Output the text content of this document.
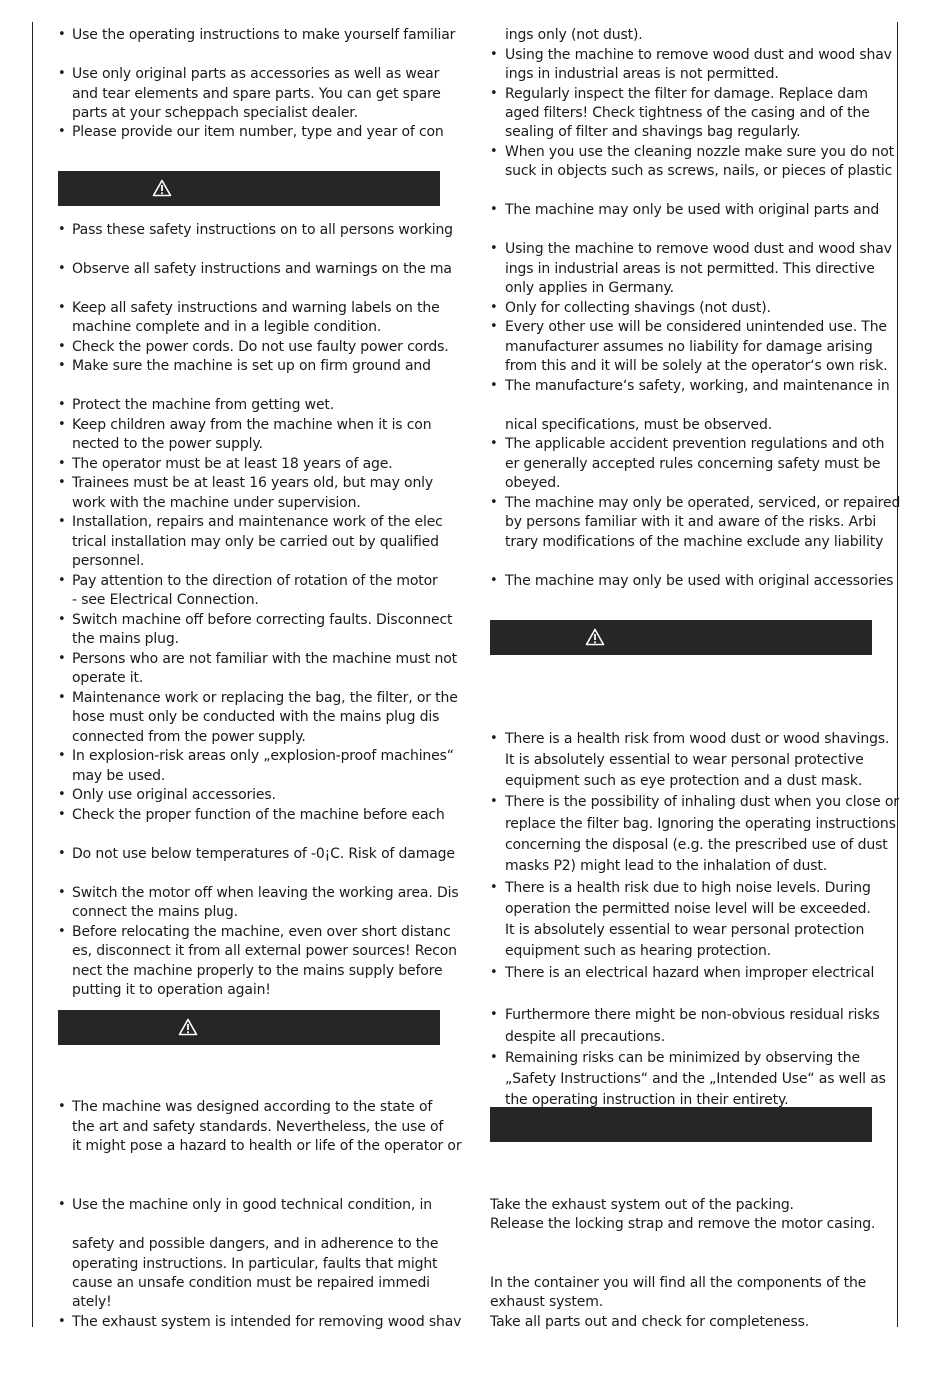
• Use the operating instructions to make yourself familiar
• Use only original parts as accessories as well as wear
and tear elements and spare parts. You can get spare
parts at your scheppach specialist dealer.
• Please provide our item number, type and year of con
• Pass these safety instructions on to all persons working
• Observe all safety instructions and warnings on the ma
• Keep all safety instructions and warning labels on the
machine complete and in a legible condition.
• Check the power cords. Do not use faulty power cords.
• Make sure the machine is set up on firm ground and
• Protect the machine from getting wet.
• Keep children away from the machine when it is con
nected to the power supply.
• The operator must be at least 18 years of age.
• Trainees must be at least 16 years old, but may only
work with the machine under supervision.
• Installation, repairs and maintenance work of the elec
trical installation may only be carried out by qualified
personnel.
• Pay attention to the direction of rotation of the motor
- see Electrical Connection.
• Switch machine off before correcting faults. Disconnect
the mains plug.
• Persons who are not familiar with the machine must not
operate it.
• Maintenance work or replacing the bag, the filter, or the
hose must only be conducted with the mains plug dis
connected from the power supply.
• In explosion-risk areas only „explosion-proof machines“
may be used.
• Only use original accessories.
• Check the proper function of the machine before each
• Do not use below temperatures of -0¡C. Risk of damage
• Switch the motor off when leaving the working area. Dis
connect the mains plug.
• Before relocating the machine, even over short distanc
es, disconnect it from all external power sources! Recon
nect the machine properly to the mains supply before
putting it to operation again!
• The machine was designed according to the state of
the art and safety standards. Nevertheless, the use of
it might pose a hazard to health or life of the operator or
• Use the machine only in good technical condition, in
safety and possible dangers, and in adherence to the
operating instructions. In particular, faults that might
cause an unsafe condition must be repaired immedi
ately!
• The exhaust system is intended for removing wood shav
ings only (not dust).
• Using the machine to remove wood dust and wood shav
ings in industrial areas is not permitted.
• Regularly inspect the filter for damage. Replace dam
aged filters! Check tightness of the casing and of the
sealing of filter and shavings bag regularly.
• When you use the cleaning nozzle make sure you do not
suck in objects such as screws, nails, or pieces of plastic
• The machine may only be used with original parts and
• Using the machine to remove wood dust and wood shav
ings in industrial areas is not permitted. This directive
only applies in Germany.
• Only for collecting shavings (not dust).
• Every other use will be considered unintended use. The
manufacturer assumes no liability for damage arising
from this and it will be solely at the operator‘s own risk.
• The manufacture‘s safety, working, and maintenance in
nical specifications, must be observed.
• The applicable accident prevention regulations and oth
er generally accepted rules concerning safety must be
obeyed.
• The machine may only be operated, serviced, or repaired
by persons familiar with it and aware of the risks. Arbi
trary modifications of the machine exclude any liability
• The machine may only be used with original accessories
• There is a health risk from wood dust or wood shavings.
It is absolutely essential to wear personal protective
equipment such as eye protection and a dust mask.
• There is the possibility of inhaling dust when you close or
replace the filter bag. Ignoring the operating instructions
concerning the disposal (e.g. the prescribed use of dust
masks P2) might lead to the inhalation of dust.
• There is a health risk due to high noise levels. During
operation the permitted noise level will be exceeded.
It is absolutely essential to wear personal protection
equipment such as hearing protection.
• There is an electrical hazard when improper electrical
• Furthermore there might be non-obvious residual risks
despite all precautions.
• Remaining risks can be minimized by observing the
„Safety Instructions“ and the „Intended Use“ as well as
the operating instruction in their entirety.
Take the exhaust system out of the packing.
Release the locking strap and remove the motor casing.
In the container you will find all the components of the
exhaust system.
Take all parts out and check for completeness.
